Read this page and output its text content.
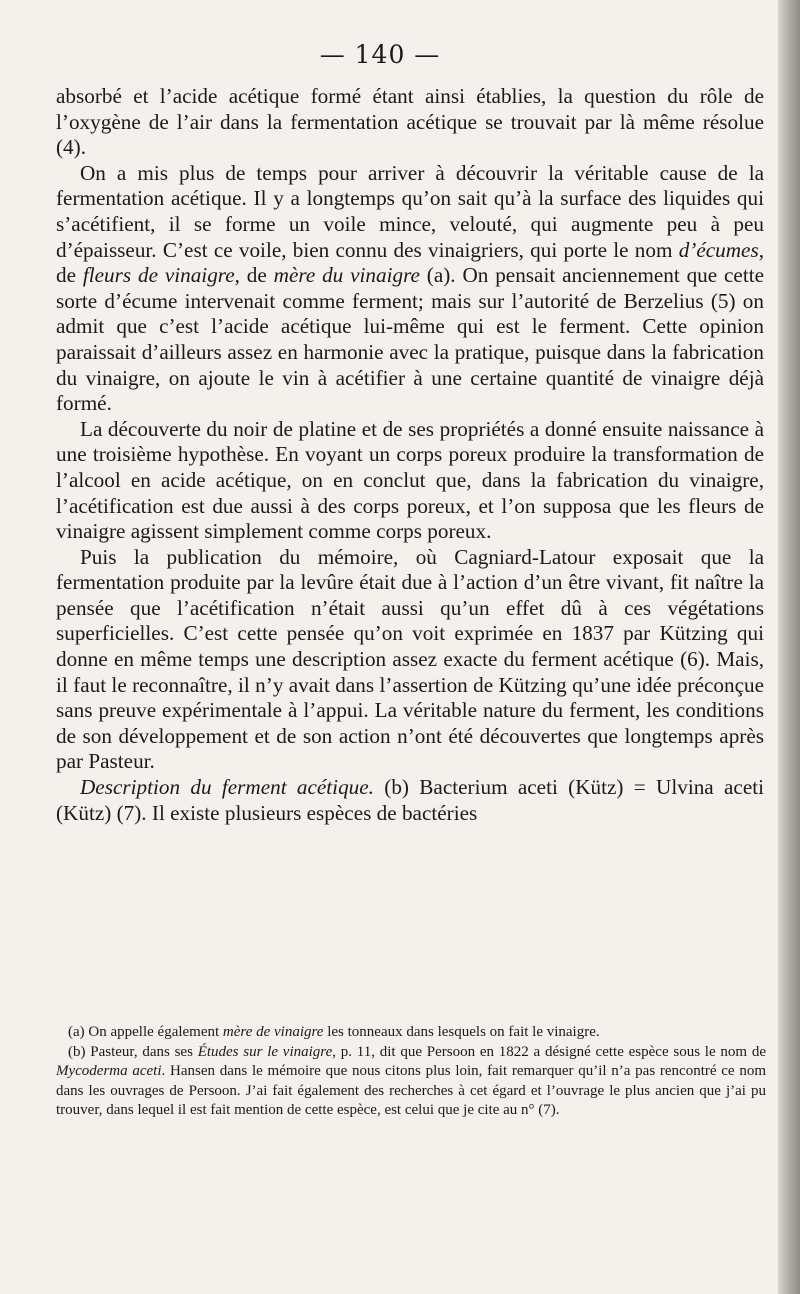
— 140 —

absorbé et l’acide acétique formé étant ainsi établies, la question du rôle de l’oxygène de l’air dans la fermentation acétique se trouvait par là même résolue (4).

On a mis plus de temps pour arriver à découvrir la véritable cause de la fermentation acétique. Il y a longtemps qu’on sait qu’à la surface des liquides qui s’acétifient, il se forme un voile mince, velouté, qui augmente peu à peu d’épaisseur. C’est ce voile, bien connu des vinaigriers, qui porte le nom d’écumes, de fleurs de vinaigre, de mère du vinaigre (a). On pensait anciennement que cette sorte d’écume intervenait comme ferment; mais sur l’autorité de Berzelius (5) on admit que c’est l’acide acétique lui-même qui est le ferment. Cette opinion paraissait d’ailleurs assez en harmonie avec la pratique, puisque dans la fabrication du vinaigre, on ajoute le vin à acétifier à une certaine quantité de vinaigre déjà formé.

La découverte du noir de platine et de ses propriétés a donné ensuite naissance à une troisième hypothèse. En voyant un corps poreux produire la transformation de l’alcool en acide acétique, on en conclut que, dans la fabrication du vinaigre, l’acétification est due aussi à des corps poreux, et l’on supposa que les fleurs de vinaigre agissent simplement comme corps poreux.

Puis la publication du mémoire, où Cagniard-Latour exposait que la fermentation produite par la levûre était due à l’action d’un être vivant, fit naître la pensée que l’acétification n’était aussi qu’un effet dû à ces végétations superficielles. C’est cette pensée qu’on voit exprimée en 1837 par Kützing qui donne en même temps une description assez exacte du ferment acétique (6). Mais, il faut le reconnaître, il n’y avait dans l’assertion de Kützing qu’une idée préconçue sans preuve expérimentale à l’appui. La véritable nature du ferment, les conditions de son développement et de son action n’ont été découvertes que longtemps après par Pasteur.

Description du ferment acétique. (b) Bacterium aceti (Kütz) = Ulvina aceti (Kütz) (7). Il existe plusieurs espèces de bactéries

(a) On appelle également mère de vinaigre les tonneaux dans lesquels on fait le vinaigre.

(b) Pasteur, dans ses Études sur le vinaigre, p. 11, dit que Persoon en 1822 a désigné cette espèce sous le nom de Mycoderma aceti. Hansen dans le mémoire que nous citons plus loin, fait remarquer qu’il n’a pas rencontré ce nom dans les ouvrages de Persoon. J’ai fait également des recherches à cet égard et l’ouvrage le plus ancien que j’ai pu trouver, dans lequel il est fait mention de cette espèce, est celui que je cite au n° (7).
